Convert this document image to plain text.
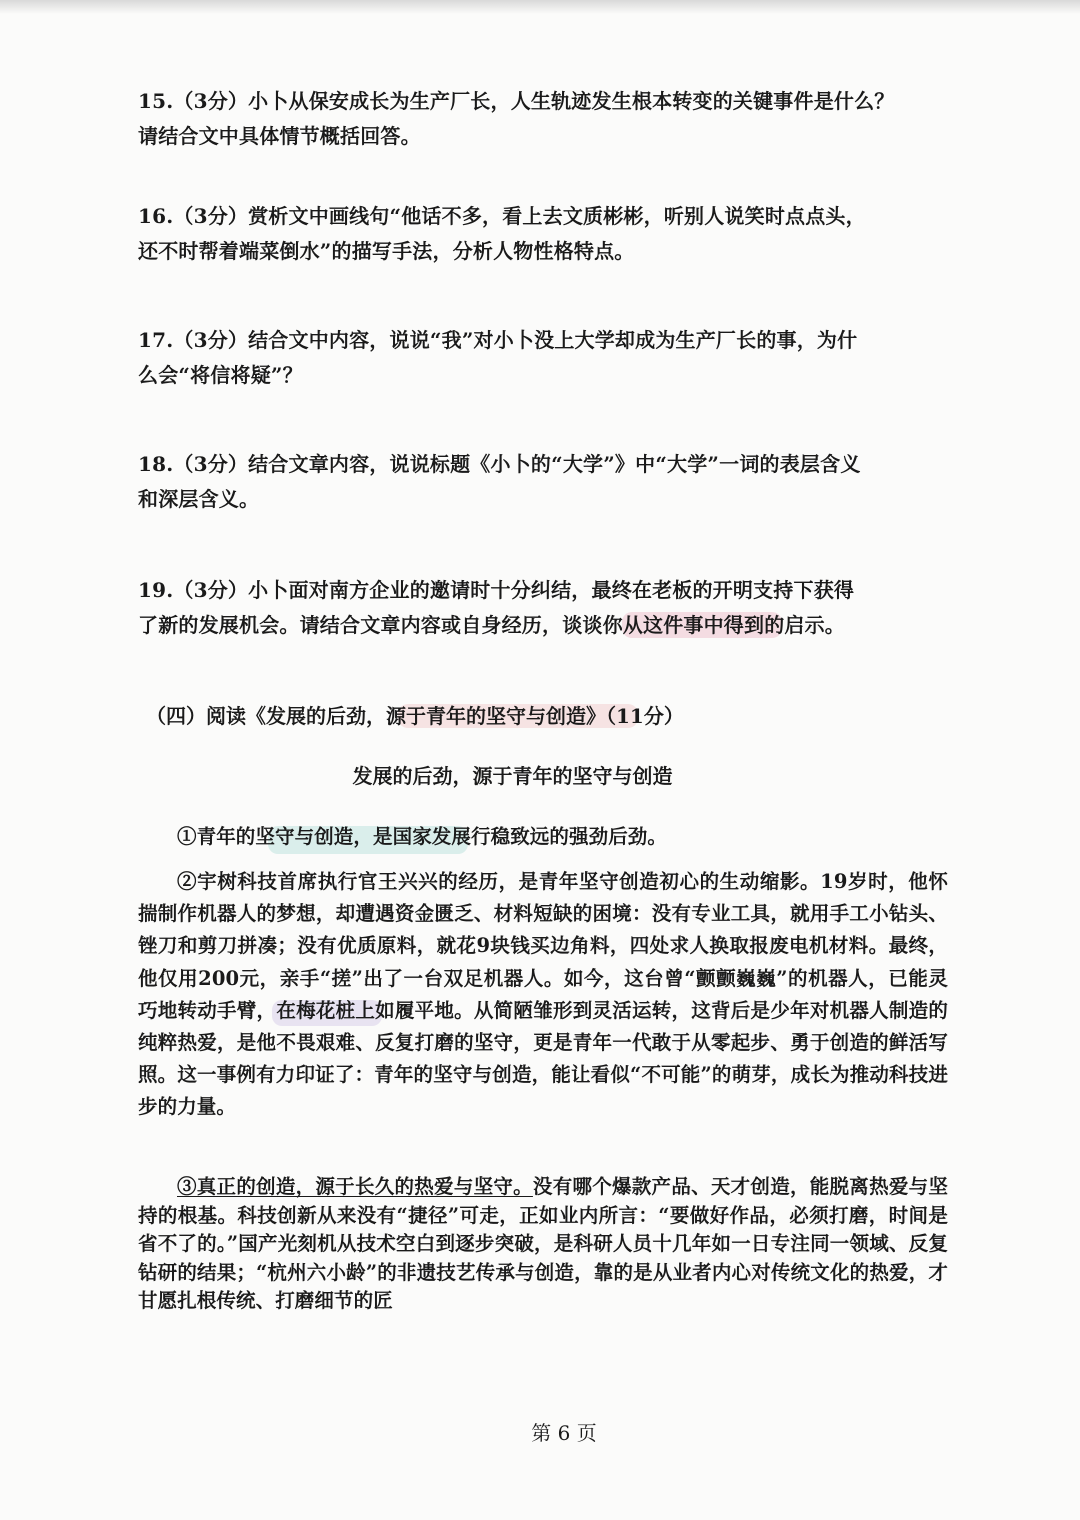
15.（3分）小卜从保安成长为生产厂长，人生轨迹发生根本转变的关键事件是什么？

请结合文中具体情节概括回答。

16.（3分）赏析文中画线句“他话不多，看上去文质彬彬，听别人说笑时点点头，

还不时帮着端菜倒水”的描写手法，分析人物性格特点。

17.（3分）结合文中内容，说说“我”对小卜没上大学却成为生产厂长的事，为什

么会“将信将疑”？

18.（3分）结合文章内容，说说标题《小卜的“大学”》中“大学”一词的表层含义

和深层含义。

19.（3分）小卜面对南方企业的邀请时十分纠结，最终在老板的开明支持下获得

了新的发展机会。请结合文章内容或自身经历，谈谈你从这件事中得到的启示。

（四）阅读《发展的后劲，源于青年的坚守与创造》（11分）
发展的后劲，源于青年的坚守与创造

①青年的坚守与创造，是国家发展行稳致远的强劲后劲。

②宇树科技首席执行官王兴兴的经历，是青年坚守创造初心的生动缩影。19岁时，他怀揣制作机器人的梦想，却遭遇资金匮乏、材料短缺的困境：没有专业工具，就用手工小钻头、锉刀和剪刀拼凑；没有优质原料，就花9块钱买边角料，四处求人换取报废电机材料。最终，他仅用200元，亲手“搓”出了一台双足机器人。如今，这台曾“颤颤巍巍”的机器人，已能灵巧地转动手臂，在梅花桩上如履平地。从简陋雏形到灵活运转，这背后是少年对机器人制造的纯粹热爱，是他不畏艰难、反复打磨的坚守，更是青年一代敢于从零起步、勇于创造的鲜活写照。这一事例有力印证了：青年的坚守与创造，能让看似“不可能”的萌芽，成长为推动科技进步的力量。

③真正的创造，源于长久的热爱与坚守。没有哪个爆款产品、天才创造，能脱离热爱与坚持的根基。科技创新从来没有“捷径”可走，正如业内所言：“要做好作品，必须打磨，时间是省不了的。”国产光刻机从技术空白到逐步突破，是科研人员十几年如一日专注同一领域、反复钻研的结果；“杭州六小龄”的非遗技艺传承与创造，靠的是从业者内心对传统文化的热爱，才甘愿扎根传统、打磨细节的匠

第 6 页
